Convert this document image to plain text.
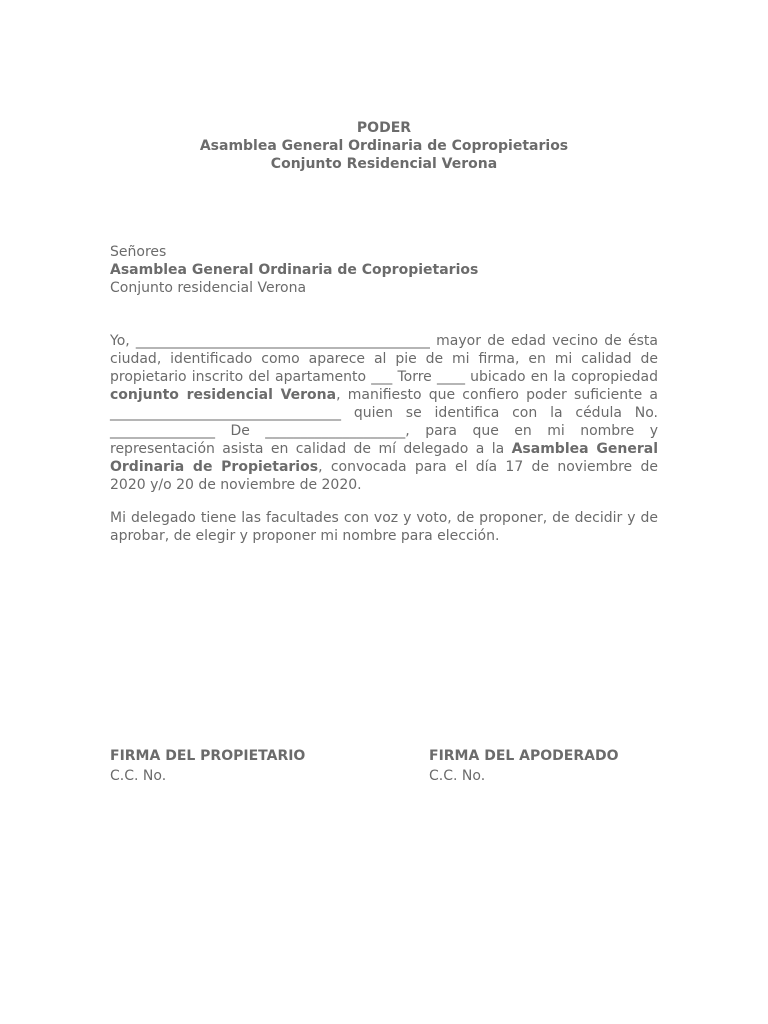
PODER
Asamblea General Ordinaria de Copropietarios
Conjunto Residencial Verona
Señores
Asamblea General Ordinaria de Copropietarios
Conjunto residencial Verona
Yo, __________________________________________ mayor de edad vecino de ésta ciudad, identificado como aparece al pie de mi firma, en mi calidad de propietario inscrito del apartamento ___ Torre ____ ubicado en la copropiedad conjunto residencial Verona, manifiesto que confiero poder suficiente a _________________________________ quien se identifica con la cédula No. _______________ De ____________________, para que en mi nombre y representación asista en calidad de mí delegado a la Asamblea General Ordinaria de Propietarios, convocada para el día 17 de noviembre de 2020 y/o 20 de noviembre de 2020.
Mi delegado tiene las facultades con voz y voto, de proponer, de decidir y de aprobar, de elegir y proponer mi nombre para elección.
FIRMA DEL PROPIETARIO
C.C. No.
FIRMA DEL APODERADO
C.C. No.
